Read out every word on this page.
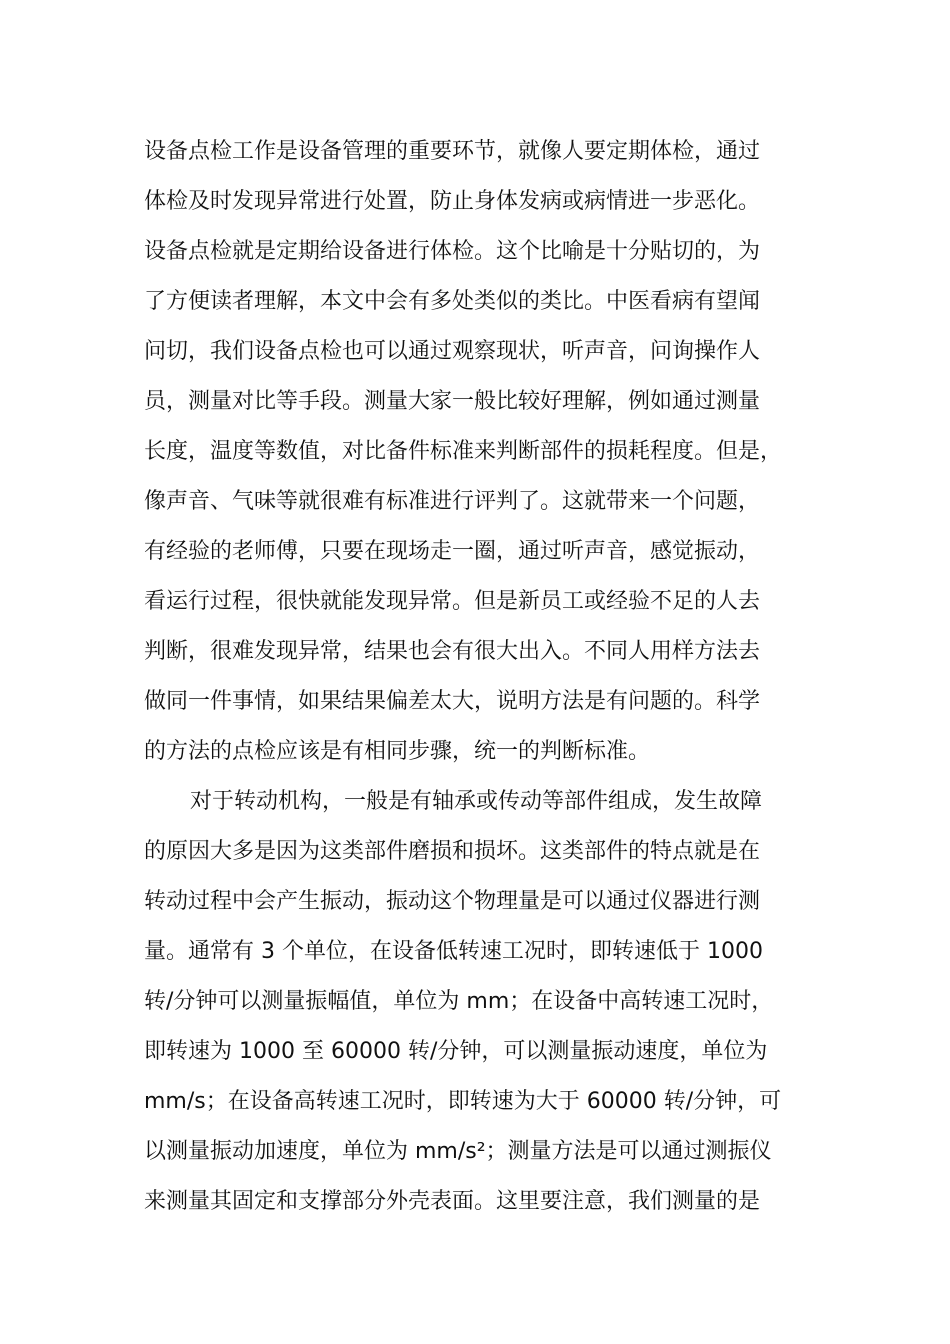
设备点检工作是设备管理的重要环节，就像人要定期体检，通过
体检及时发现异常进行处置，防止身体发病或病情进一步恶化。
设备点检就是定期给设备进行体检。这个比喻是十分贴切的，为
了方便读者理解，本文中会有多处类似的类比。中医看病有望闻
问切，我们设备点检也可以通过观察现状，听声音，问询操作人
员，测量对比等手段。测量大家一般比较好理解，例如通过测量
长度，温度等数值，对比备件标准来判断部件的损耗程度。但是，
像声音、气味等就很难有标准进行评判了。这就带来一个问题，
有经验的老师傅，只要在现场走一圈，通过听声音，感觉振动，
看运行过程，很快就能发现异常。但是新员工或经验不足的人去
判断，很难发现异常，结果也会有很大出入。不同人用样方法去
做同一件事情，如果结果偏差太大，说明方法是有问题的。科学
的方法的点检应该是有相同步骤，统一的判断标准。
对于转动机构，一般是有轴承或传动等部件组成，发生故障
的原因大多是因为这类部件磨损和损坏。这类部件的特点就是在
转动过程中会产生振动，振动这个物理量是可以通过仪器进行测
量。通常有 3 个单位，在设备低转速工况时，即转速低于 1000
转/分钟可以测量振幅值，单位为 mm；在设备中高转速工况时，
即转速为 1000 至 60000 转/分钟，可以测量振动速度，单位为
mm/s；在设备高转速工况时，即转速为大于 60000 转/分钟，可
以测量振动加速度，单位为 mm/s²；测量方法是可以通过测振仪
来测量其固定和支撑部分外壳表面。这里要注意，我们测量的是
